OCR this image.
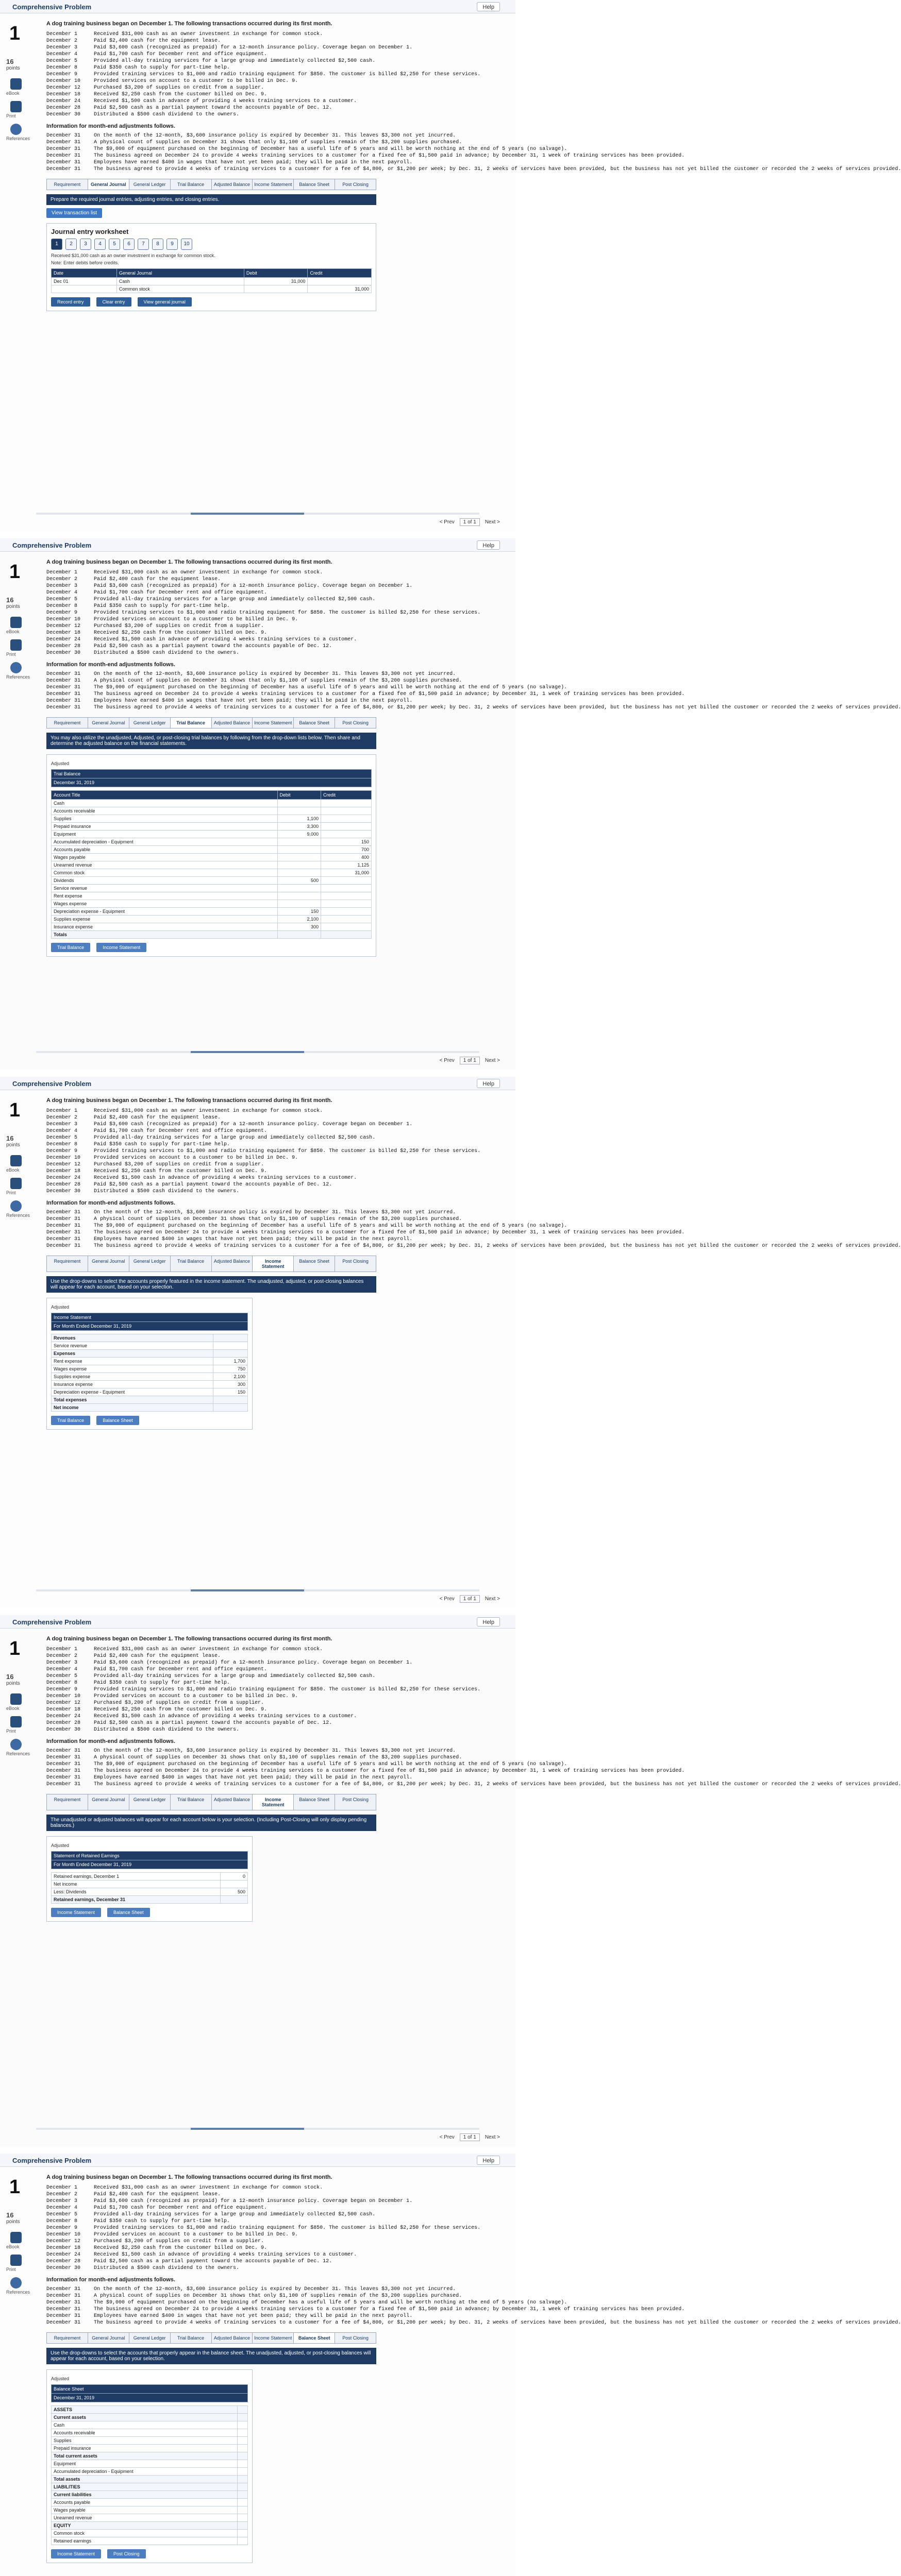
Comprehensive Problem	Help
1
16
points
eBook
Print
References
A dog training business began on December 1. The following transactions occurred during its first month.
December 1	Received $31,000 cash as an owner investment in exchange for common stock.
December 2	Paid $2,400 cash for the equipment lease.
December 3	Paid $3,600 cash (recognized as prepaid) for a 12-month insurance policy. Coverage began on December 1.
December 4	Paid $1,700 cash for December rent and office equipment.
December 5	Provided all-day training services for a large group and immediately collected $2,500 cash.
December 8	Paid $350 cash to supply for part-time help.
December 9	Provided training services to $1,000 and radio training equipment for $850. The customer is billed $2,250 for these services.
December 10	Provided services on account to a customer to be billed in Dec. 9.
December 12	Purchased $3,200 of supplies on credit from a supplier.
December 18	Received $2,250 cash from the customer billed on Dec. 9.
December 24	Received $1,500 cash in advance of providing 4 weeks training services to a customer.
December 28	Paid $2,500 cash as a partial payment toward the accounts payable of Dec. 12.
December 30	Distributed a $500 cash dividend to the owners.
Information for month-end adjustments follows.
December 31	On the month of the 12-month, $3,600 insurance policy is expired by December 31. This leaves $3,300 not yet incurred.
December 31	A physical count of supplies on December 31 shows that only $1,100 of supplies remain of the $3,200 supplies purchased.
December 31	The $9,000 of equipment purchased on the beginning of December has a useful life of 5 years and will be worth nothing at the end of 5 years (no salvage).
December 31	The business agreed on December 24 to provide 4 weeks training services to a customer for a fixed fee of $1,500 paid in advance; by December 31, 1 week of training services has been provided.
December 31	Employees have earned $400 in wages that have not yet been paid; they will be paid in the next payroll.
December 31	The business agreed to provide 4 weeks of training services to a customer for a fee of $4,800, or $1,200 per week; by Dec. 31, 2 weeks of services have been provided, but the business has not yet billed the customer or recorded the 2 weeks of services provided.
Requirement	General Journal	General Ledger	Trial Balance	Adjusted Balance Income Statement	Balance Sheet	Post Closing
Prepare the required journal entries, adjusting entries, and closing entries.
View transaction list
Journal entry worksheet
1	2	3	4	5	6	7	8	9	10
Received $31,000 cash as an owner investment in exchange for common stock.
Note: Enter debits before credits.
Date	General Journal	Debit	Credit
Dec 01	Cash	31,000	
	Common stock		31,000
Record entry	Clear entry	View general journal
< Prev	1 of 1	Next >
Comprehensive Problem	Help
1
16
points
eBook
Print
References
A dog training business began on December 1. The following transactions occurred during its first month.
December 1	Received $31,000 cash as an owner investment in exchange for common stock.
December 2	Paid $2,400 cash for the equipment lease.
December 3	Paid $3,600 cash (recognized as prepaid) for a 12-month insurance policy. Coverage began on December 1.
December 4	Paid $1,700 cash for December rent and office equipment.
December 5	Provided all-day training services for a large group and immediately collected $2,500 cash.
December 8	Paid $350 cash to supply for part-time help.
December 9	Provided training services to $1,000 and radio training equipment for $850. The customer is billed $2,250 for these services.
December 10	Provided services on account to a customer to be billed in Dec. 9.
December 12	Purchased $3,200 of supplies on credit from a supplier.
December 18	Received $2,250 cash from the customer billed on Dec. 9.
December 24	Received $1,500 cash in advance of providing 4 weeks training services to a customer.
December 28	Paid $2,500 cash as a partial payment toward the accounts payable of Dec. 12.
December 30	Distributed a $500 cash dividend to the owners.
Information for month-end adjustments follows.
December 31	On the month of the 12-month, $3,600 insurance policy is expired by December 31. This leaves $3,300 not yet incurred.
December 31	A physical count of supplies on December 31 shows that only $1,100 of supplies remain of the $3,200 supplies purchased.
December 31	The $9,000 of equipment purchased on the beginning of December has a useful life of 5 years and will be worth nothing at the end of 5 years (no salvage).
December 31	The business agreed on December 24 to provide 4 weeks training services to a customer for a fixed fee of $1,500 paid in advance; by December 31, 1 week of training services has been provided.
December 31	Employees have earned $400 in wages that have not yet been paid; they will be paid in the next payroll.
December 31	The business agreed to provide 4 weeks of training services to a customer for a fee of $4,800, or $1,200 per week; by Dec. 31, 2 weeks of services have been provided, but the business has not yet billed the customer or recorded the 2 weeks of services provided.
Requirement	General Journal	General Ledger	Trial Balance	Adjusted Balance Income Statement	Balance Sheet	Post Closing
You may also utilize the unadjusted, Adjusted, or post-closing trial balances by following from the drop-down lists below. Then share and determine the adjusted balance on the financial statements.
Adjusted
Trial Balance
December 31, 2019
Account Title	Debit	Credit
Cash		
Accounts receivable		
Supplies	1,100	
Prepaid insurance	3,300	
Equipment	9,000	
Accumulated depreciation - Equipment		150
Accounts payable		700
Wages payable		400
Unearned revenue		1,125
Common stock		31,000
Dividends	500	
Service revenue		
Rent expense		
Wages expense		
Depreciation expense - Equipment	150	
Supplies expense	2,100	
Insurance expense	300	
Totals		
Trial Balance	Income Statement
< Prev	1 of 1	Next >
Comprehensive Problem	Help
1
16
points
eBook
Print
References
A dog training business began on December 1. The following transactions occurred during its first month.
December 1	Received $31,000 cash as an owner investment in exchange for common stock.
December 2	Paid $2,400 cash for the equipment lease.
December 3	Paid $3,600 cash (recognized as prepaid) for a 12-month insurance policy. Coverage began on December 1.
December 4	Paid $1,700 cash for December rent and office equipment.
December 5	Provided all-day training services for a large group and immediately collected $2,500 cash.
December 8	Paid $350 cash to supply for part-time help.
December 9	Provided training services to $1,000 and radio training equipment for $850. The customer is billed $2,250 for these services.
December 10	Provided services on account to a customer to be billed in Dec. 9.
December 12	Purchased $3,200 of supplies on credit from a supplier.
December 18	Received $2,250 cash from the customer billed on Dec. 9.
December 24	Received $1,500 cash in advance of providing 4 weeks training services to a customer.
December 28	Paid $2,500 cash as a partial payment toward the accounts payable of Dec. 12.
December 30	Distributed a $500 cash dividend to the owners.
Information for month-end adjustments follows.
December 31	On the month of the 12-month, $3,600 insurance policy is expired by December 31. This leaves $3,300 not yet incurred.
December 31	A physical count of supplies on December 31 shows that only $1,100 of supplies remain of the $3,200 supplies purchased.
December 31	The $9,000 of equipment purchased on the beginning of December has a useful life of 5 years and will be worth nothing at the end of 5 years (no salvage).
December 31	The business agreed on December 24 to provide 4 weeks training services to a customer for a fixed fee of $1,500 paid in advance; by December 31, 1 week of training services has been provided.
December 31	Employees have earned $400 in wages that have not yet been paid; they will be paid in the next payroll.
December 31	The business agreed to provide 4 weeks of training services to a customer for a fee of $4,800, or $1,200 per week; by Dec. 31, 2 weeks of services have been provided, but the business has not yet billed the customer or recorded the 2 weeks of services provided.
Requirement	General Journal	General Ledger	Trial Balance	Adjusted Balance	Income Statement
Balance Sheet	Post Closing
Use the drop-downs to select the accounts properly featured in the income statement. The unadjusted, adjusted, or post-closing balances will appear for each account, based on your selection.
Adjusted
Income Statement
For Month Ended December 31, 2019
Revenues	
Service revenue	
Expenses	
Rent expense	1,700
Wages expense	750
Supplies expense	2,100
Insurance expense	300
Depreciation expense - Equipment	150
Total expenses	
Net income	
Trial Balance	Balance Sheet
< Prev	1 of 1	Next >
Comprehensive Problem	Help
1
16
points
eBook
Print
References
A dog training business began on December 1. The following transactions occurred during its first month.
December 1	Received $31,000 cash as an owner investment in exchange for common stock.
December 2	Paid $2,400 cash for the equipment lease.
December 3	Paid $3,600 cash (recognized as prepaid) for a 12-month insurance policy. Coverage began on December 1.
December 4	Paid $1,700 cash for December rent and office equipment.
December 5	Provided all-day training services for a large group and immediately collected $2,500 cash.
December 8	Paid $350 cash to supply for part-time help.
December 9	Provided training services to $1,000 and radio training equipment for $850. The customer is billed $2,250 for these services.
December 10	Provided services on account to a customer to be billed in Dec. 9.
December 12	Purchased $3,200 of supplies on credit from a supplier.
December 18	Received $2,250 cash from the customer billed on Dec. 9.
December 24	Received $1,500 cash in advance of providing 4 weeks training services to a customer.
December 28	Paid $2,500 cash as a partial payment toward the accounts payable of Dec. 12.
December 30	Distributed a $500 cash dividend to the owners.
Information for month-end adjustments follows.
December 31	On the month of the 12-month, $3,600 insurance policy is expired by December 31. This leaves $3,300 not yet incurred.
December 31	A physical count of supplies on December 31 shows that only $1,100 of supplies remain of the $3,200 supplies purchased.
December 31	The $9,000 of equipment purchased on the beginning of December has a useful life of 5 years and will be worth nothing at the end of 5 years (no salvage).
December 31	The business agreed on December 24 to provide 4 weeks training services to a customer for a fixed fee of $1,500 paid in advance; by December 31, 1 week of training services has been provided.
December 31	Employees have earned $400 in wages that have not yet been paid; they will be paid in the next payroll.
December 31	The business agreed to provide 4 weeks of training services to a customer for a fee of $4,800, or $1,200 per week; by Dec. 31, 2 weeks of services have been provided, but the business has not yet billed the customer or recorded the 2 weeks of services provided.
Requirement	General Journal	General Ledger	Trial Balance	Adjusted Balance	Income Statement
Balance Sheet	Post Closing
The unadjusted or adjusted balances will appear for each account below is your selection. (Including Post-Closing will only display pending balances.)
Adjusted
Statement of Retained Earnings
For Month Ended December 31, 2019
Retained earnings, December 1	0
Net income	
Less: Dividends	500
Retained earnings, December 31	
Income Statement	Balance Sheet
< Prev	1 of 1	Next >
Comprehensive Problem	Help
1
16
points
eBook
Print
References
A dog training business began on December 1. The following transactions occurred during its first month.
December 1	Received $31,000 cash as an owner investment in exchange for common stock.
December 2	Paid $2,400 cash for the equipment lease.
December 3	Paid $3,600 cash (recognized as prepaid) for a 12-month insurance policy. Coverage began on December 1.
December 4	Paid $1,700 cash for December rent and office equipment.
December 5	Provided all-day training services for a large group and immediately collected $2,500 cash.
December 8	Paid $350 cash to supply for part-time help.
December 9	Provided training services to $1,000 and radio training equipment for $850. The customer is billed $2,250 for these services.
December 10	Provided services on account to a customer to be billed in Dec. 9.
December 12	Purchased $3,200 of supplies on credit from a supplier.
December 18	Received $2,250 cash from the customer billed on Dec. 9.
December 24	Received $1,500 cash in advance of providing 4 weeks training services to a customer.
December 28	Paid $2,500 cash as a partial payment toward the accounts payable of Dec. 12.
December 30	Distributed a $500 cash dividend to the owners.
Information for month-end adjustments follows.
December 31	On the month of the 12-month, $3,600 insurance policy is expired by December 31. This leaves $3,300 not yet incurred.
December 31	A physical count of supplies on December 31 shows that only $1,100 of supplies remain of the $3,200 supplies purchased.
December 31	The $9,000 of equipment purchased on the beginning of December has a useful life of 5 years and will be worth nothing at the end of 5 years (no salvage).
December 31	The business agreed on December 24 to provide 4 weeks training services to a customer for a fixed fee of $1,500 paid in advance; by December 31, 1 week of training services has been provided.
December 31	Employees have earned $400 in wages that have not yet been paid; they will be paid in the next payroll.
December 31	The business agreed to provide 4 weeks of training services to a customer for a fee of $4,800, or $1,200 per week; by Dec. 31, 2 weeks of services have been provided, but the business has not yet billed the customer or recorded the 2 weeks of services provided.
Requirement	General Journal	General Ledger	Trial Balance	Adjusted Balance Income Statement	Balance Sheet	Post Closing
Use the drop-downs to select the accounts that properly appear in the balance sheet. The unadjusted, adjusted, or post-closing balances will appear for each account, based on your selection.
Adjusted
Balance Sheet
December 31, 2019
ASSETS	
Current assets	
Cash	
Accounts receivable	
Supplies	
Prepaid insurance	
Total current assets	
Equipment	
Accumulated depreciation - Equipment	
Total assets	
LIABILITIES	
Current liabilities	
Accounts payable	
Wages payable	
Unearned revenue	
EQUITY	
Common stock	
Retained earnings	
Income Statement	Post Closing
